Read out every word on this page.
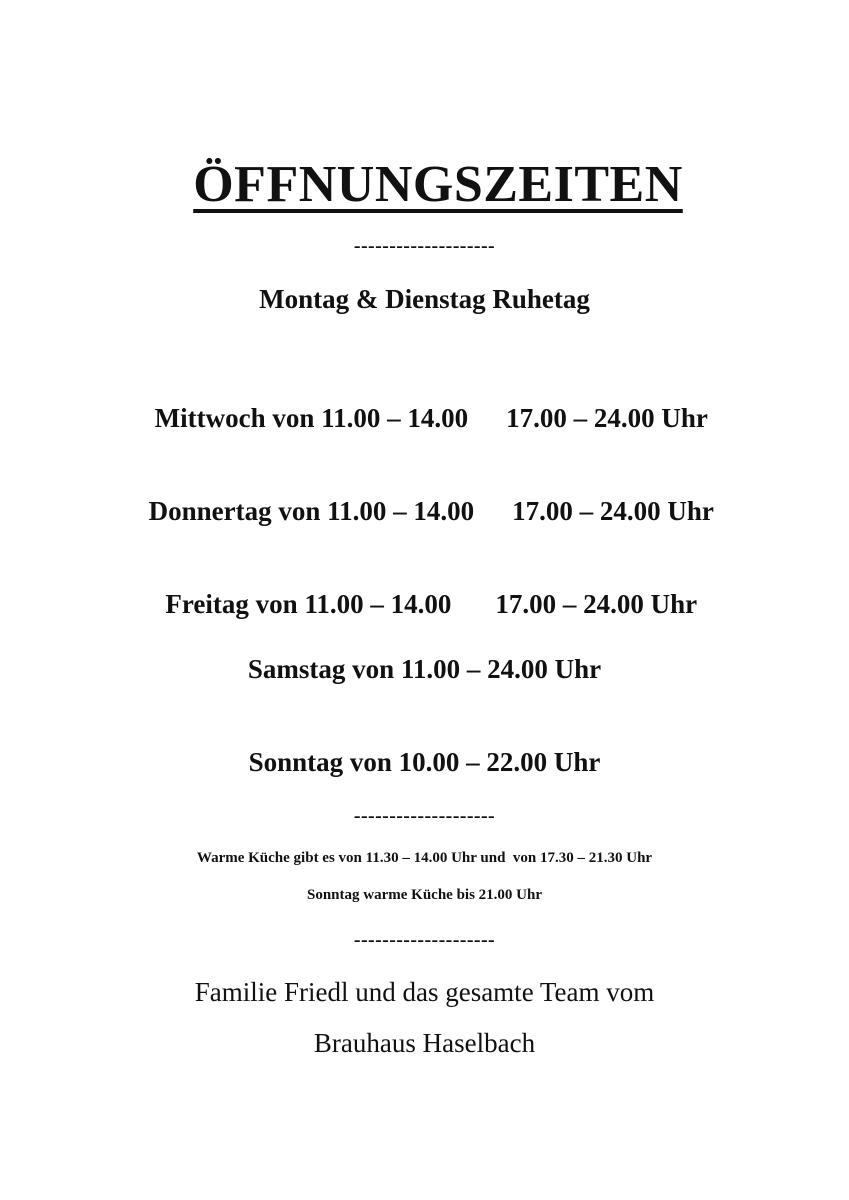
ÖFFNUNGSZEITEN

--------------------
Montag & Dienstag Ruhetag

Mittwoch von 11.00 – 14.00 17.00 – 24.00 Uhr

Donnertag von 11.00 – 14.00 17.00 – 24.00 Uhr

Freitag von 11.00 – 14.00 17.00 – 24.00 Uhr

Samstag von 11.00 – 24.00 Uhr
Sonntag von 10.00 – 22.00 Uhr
--------------------
Warme Küche gibt es von 11.30 – 14.00 Uhr und  von 17.30 – 21.30 Uhr
Sonntag warme Küche bis 21.00 Uhr
--------------------
Familie Friedl und das gesamte Team vom
Brauhaus Haselbach
